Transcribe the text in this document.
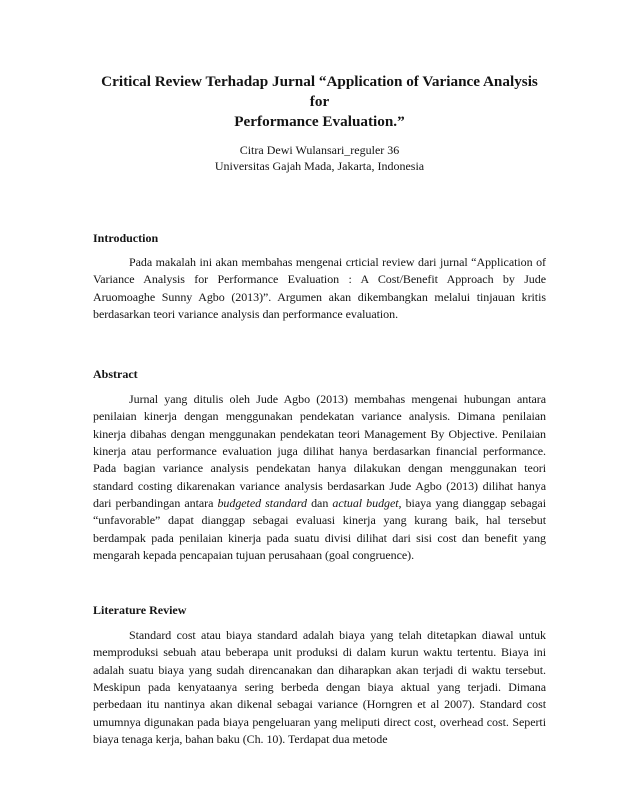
Critical Review Terhadap Jurnal “Application of Variance Analysis for
Performance Evaluation.”
Citra Dewi Wulansari_reguler 36
Universitas Gajah Mada, Jakarta, Indonesia
Introduction

Pada makalah ini akan membahas mengenai crticial review dari jurnal “Application of Variance Analysis for Performance Evaluation : A Cost/Benefit Approach by Jude Aruomoaghe Sunny Agbo (2013)”. Argumen akan dikembangkan melalui tinjauan kritis berdasarkan teori variance analysis dan performance evaluation.

Abstract

Jurnal yang ditulis oleh Jude Agbo (2013) membahas mengenai hubungan antara penilaian kinerja dengan menggunakan pendekatan variance analysis. Dimana penilaian kinerja dibahas dengan menggunakan pendekatan teori Management By Objective. Penilaian kinerja atau performance evaluation juga dilihat hanya berdasarkan financial performance. Pada bagian variance analysis pendekatan hanya dilakukan dengan menggunakan teori standard costing dikarenakan variance analysis berdasarkan Jude Agbo (2013) dilihat hanya dari perbandingan antara budgeted standard dan actual budget, biaya yang dianggap sebagai “unfavorable” dapat dianggap sebagai evaluasi kinerja yang kurang baik, hal tersebut berdampak pada penilaian kinerja pada suatu divisi dilihat dari sisi cost dan benefit yang mengarah kepada pencapaian tujuan perusahaan (goal congruence).

Literature Review

Standard cost atau biaya standard adalah biaya yang telah ditetapkan diawal untuk memproduksi sebuah atau beberapa unit produksi di dalam kurun waktu tertentu. Biaya ini adalah suatu biaya yang sudah direncanakan dan diharapkan akan terjadi di waktu tersebut. Meskipun pada kenyataanya sering berbeda dengan biaya aktual yang terjadi. Dimana perbedaan itu nantinya akan dikenal sebagai variance (Horngren et al 2007). Standard cost umumnya digunakan pada biaya pengeluaran yang meliputi direct cost, overhead cost. Seperti biaya tenaga kerja, bahan baku (Ch. 10). Terdapat dua metode
